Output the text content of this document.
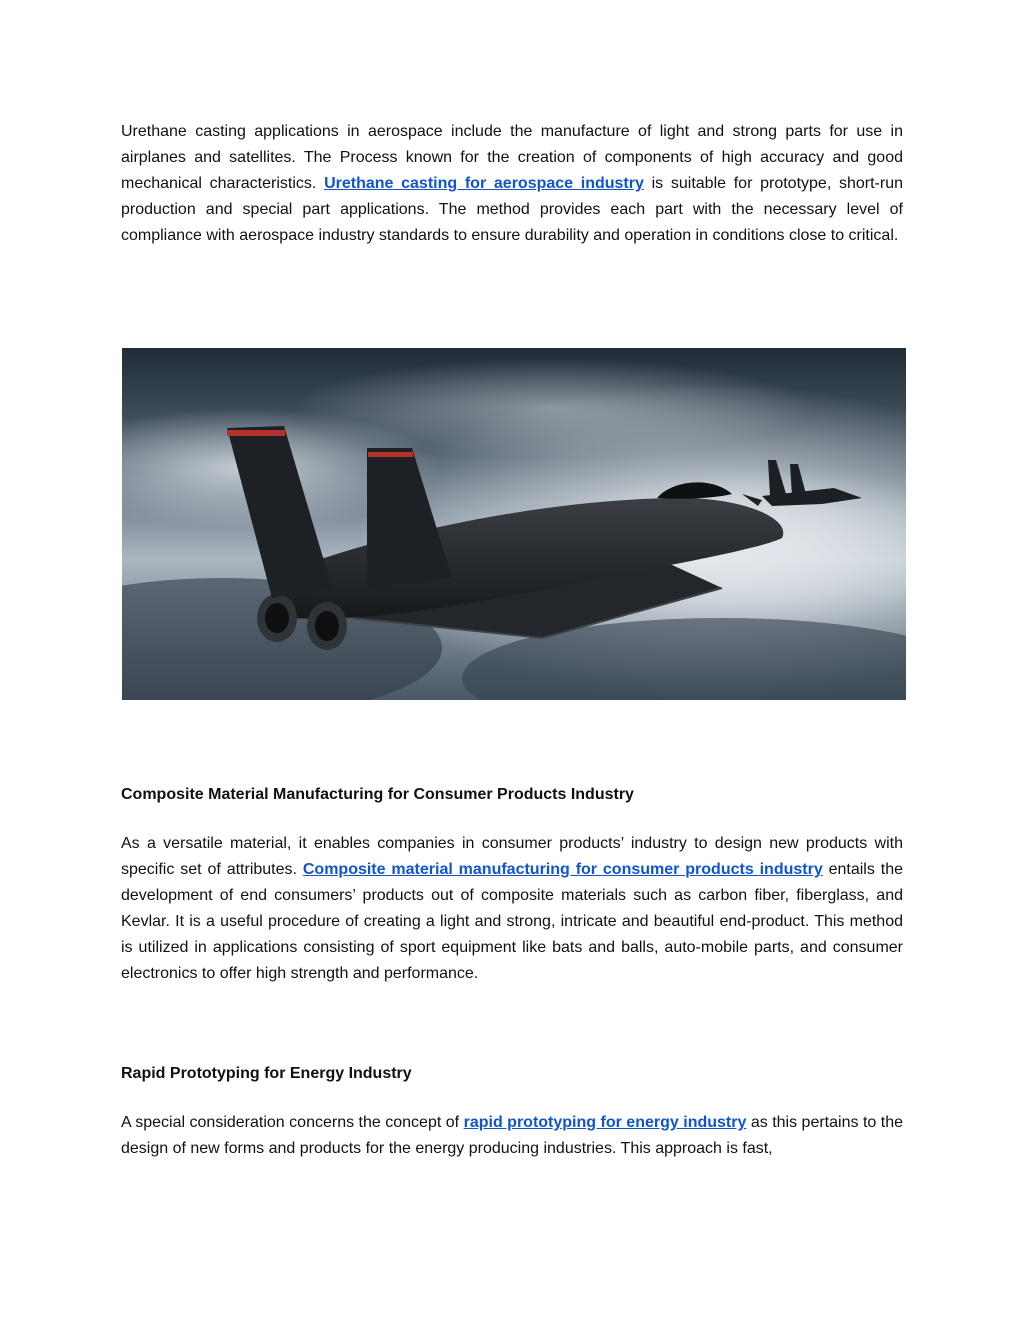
Urethane casting applications in aerospace include the manufacture of light and strong parts for use in airplanes and satellites. The Process known for the creation of components of high accuracy and good mechanical characteristics. Urethane casting for aerospace industry is suitable for prototype, short-run production and special part applications. The method provides each part with the necessary level of compliance with aerospace industry standards to ensure durability and operation in conditions close to critical.

Composite Material Manufacturing for Consumer Products Industry

As a versatile material, it enables companies in consumer products’ industry to design new products with specific set of attributes. Composite material manufacturing for consumer products industry entails the development of end consumers’ products out of composite materials such as carbon fiber, fiberglass, and Kevlar. It is a useful procedure of creating a light and strong, intricate and beautiful end-product. This method is utilized in applications consisting of sport equipment like bats and balls, auto-mobile parts, and consumer electronics to offer high strength and performance.

Rapid Prototyping for Energy Industry

A special consideration concerns the concept of rapid prototyping for energy industry as this pertains to the design of new forms and products for the energy producing industries. This approach is fast,
